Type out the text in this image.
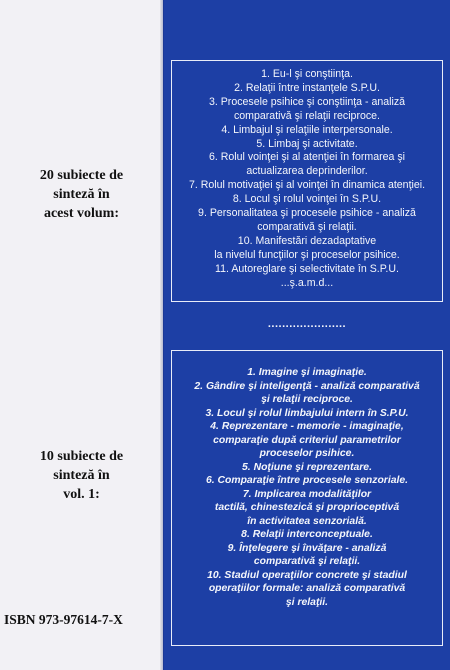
20 subiecte de
sinteză în
acest volum:
10 subiecte de
sinteză în
vol. 1:
ISBN 973-97614-7-X
1. Eu-l şi conştiinţa.
2. Relaţii între instanţele S.P.U.
3. Procesele psihice şi conştiinţa - analiză
comparativă şi relaţii reciproce.
4. Limbajul şi relaţiile interpersonale.
5. Limbaj şi activitate.
6. Rolul voinţei şi al atenţiei în formarea şi
actualizarea deprinderilor.
7. Rolul motivaţiei şi al voinţei în dinamica atenţiei.
8. Locul şi rolul voinţei în S.P.U.
9. Personalitatea şi procesele psihice - analiză
comparativă şi relaţii.
10. Manifestări dezadaptative
la nivelul funcţiilor şi proceselor psihice.
11. Autoreglare şi selectivitate în S.P.U.
...ş.a.m.d...
......................
1. Imagine şi imaginaţie.
2. Gândire şi inteligenţă - analiză comparativă
şi relaţii reciproce.
3. Locul şi rolul limbajului intern în S.P.U.
4. Reprezentare - memorie - imaginaţie,
comparaţie după criteriul parametrilor
proceselor psihice.
5. Noţiune şi reprezentare.
6. Comparaţie între procesele senzoriale.
7. Implicarea modalităţilor
tactilă, chinestezică şi proprioceptivă
în activitatea senzorială.
8. Relaţii interconceptuale.
9. Înţelegere şi învăţare - analiză
comparativă şi relaţii.
10. Stadiul operaţiilor concrete şi stadiul
operaţiilor formale: analiză comparativă
şi relaţii.
